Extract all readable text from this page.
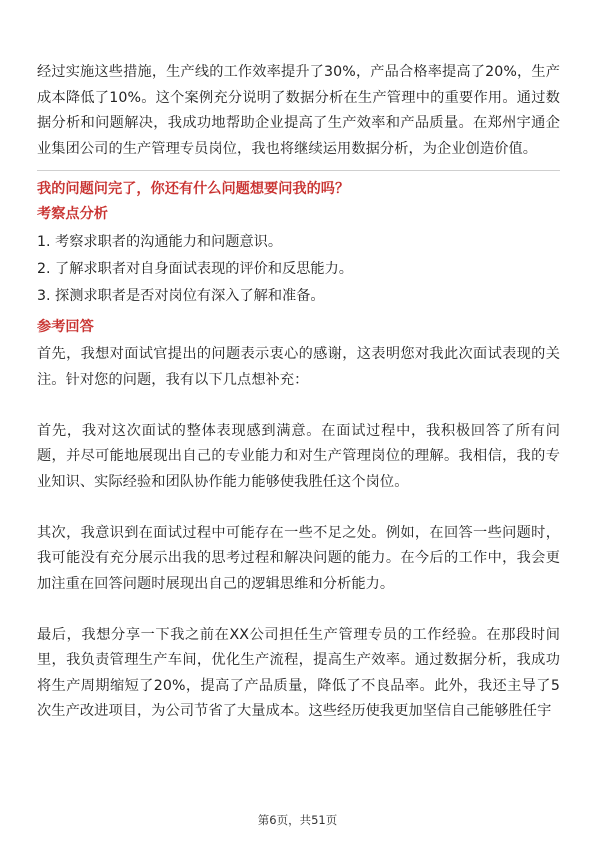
经过实施这些措施，生产线的工作效率提升了30%，产品合格率提高了20%，生产成本降低了10%。这个案例充分说明了数据分析在生产管理中的重要作用。通过数据分析和问题解决，我成功地帮助企业提高了生产效率和产品质量。在郑州宇通企业集团公司的生产管理专员岗位，我也将继续运用数据分析，为企业创造价值。

我的问题问完了，你还有什么问题想要问我的吗？

考察点分析

1. 考察求职者的沟通能力和问题意识。
2. 了解求职者对自身面试表现的评价和反思能力。
3. 探测求职者是否对岗位有深入了解和准备。

参考回答

首先，我想对面试官提出的问题表示衷心的感谢，这表明您对我此次面试表现的关注。针对您的问题，我有以下几点想补充：

首先，我对这次面试的整体表现感到满意。在面试过程中，我积极回答了所有问题，并尽可能地展现出自己的专业能力和对生产管理岗位的理解。我相信，我的专业知识、实际经验和团队协作能力能够使我胜任这个岗位。

其次，我意识到在面试过程中可能存在一些不足之处。例如，在回答一些问题时，我可能没有充分展示出我的思考过程和解决问题的能力。在今后的工作中，我会更加注重在回答问题时展现出自己的逻辑思维和分析能力。

最后，我想分享一下我之前在XX公司担任生产管理专员的工作经验。在那段时间里，我负责管理生产车间，优化生产流程，提高生产效率。通过数据分析，我成功将生产周期缩短了20%，提高了产品质量，降低了不良品率。此外，我还主导了5次生产改进项目，为公司节省了大量成本。这些经历使我更加坚信自己能够胜任宇

第6页，共51页
